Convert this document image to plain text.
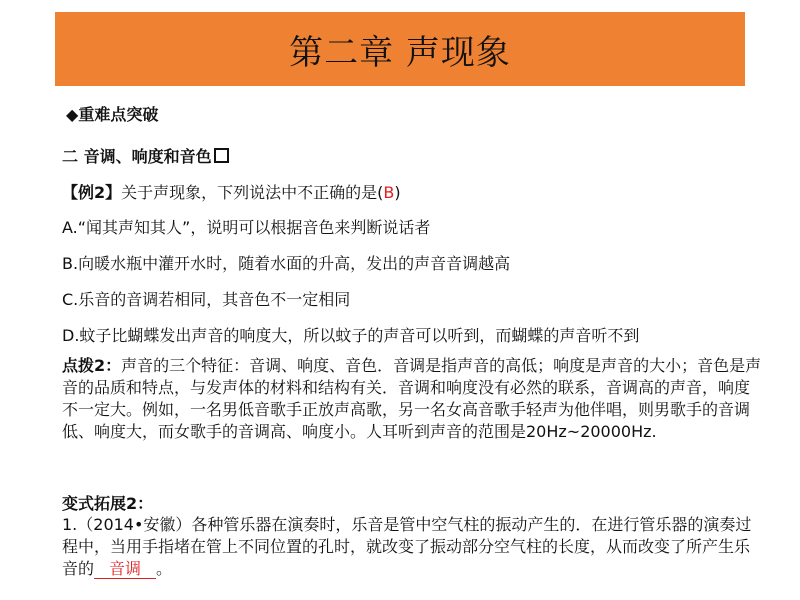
第二章 声现象
◆重难点突破
二 音调、响度和音色
【例2】关于声现象，下列说法中不正确的是(B)
A.“闻其声知其人”，说明可以根据音色来判断说话者
B.向暖水瓶中灌开水时，随着水面的升高，发出的声音音调越高
C.乐音的音调若相同，其音色不一定相同
D.蚊子比蝴蝶发出声音的响度大，所以蚊子的声音可以听到，而蝴蝶的声音听不到
点拨2：声音的三个特征：音调、响度、音色．音调是指声音的高低；响度是声音的大小；音色是声音的品质和特点，与发声体的材料和结构有关．音调和响度没有必然的联系，音调高的声音，响度不一定大。例如，一名男低音歌手正放声高歌，另一名女高音歌手轻声为他伴唱，则男歌手的音调低、响度大，而女歌手的音调高、响度小。人耳听到声音的范围是20Hz~20000Hz.
变式拓展2：
1.（2014•安徽）各种管乐器在演奏时，乐音是管中空气柱的振动产生的．在进行管乐器的演奏过程中，当用手指堵在管上不同位置的孔时，就改变了振动部分空气柱的长度，从而改变了所产生乐音的 音调 。
